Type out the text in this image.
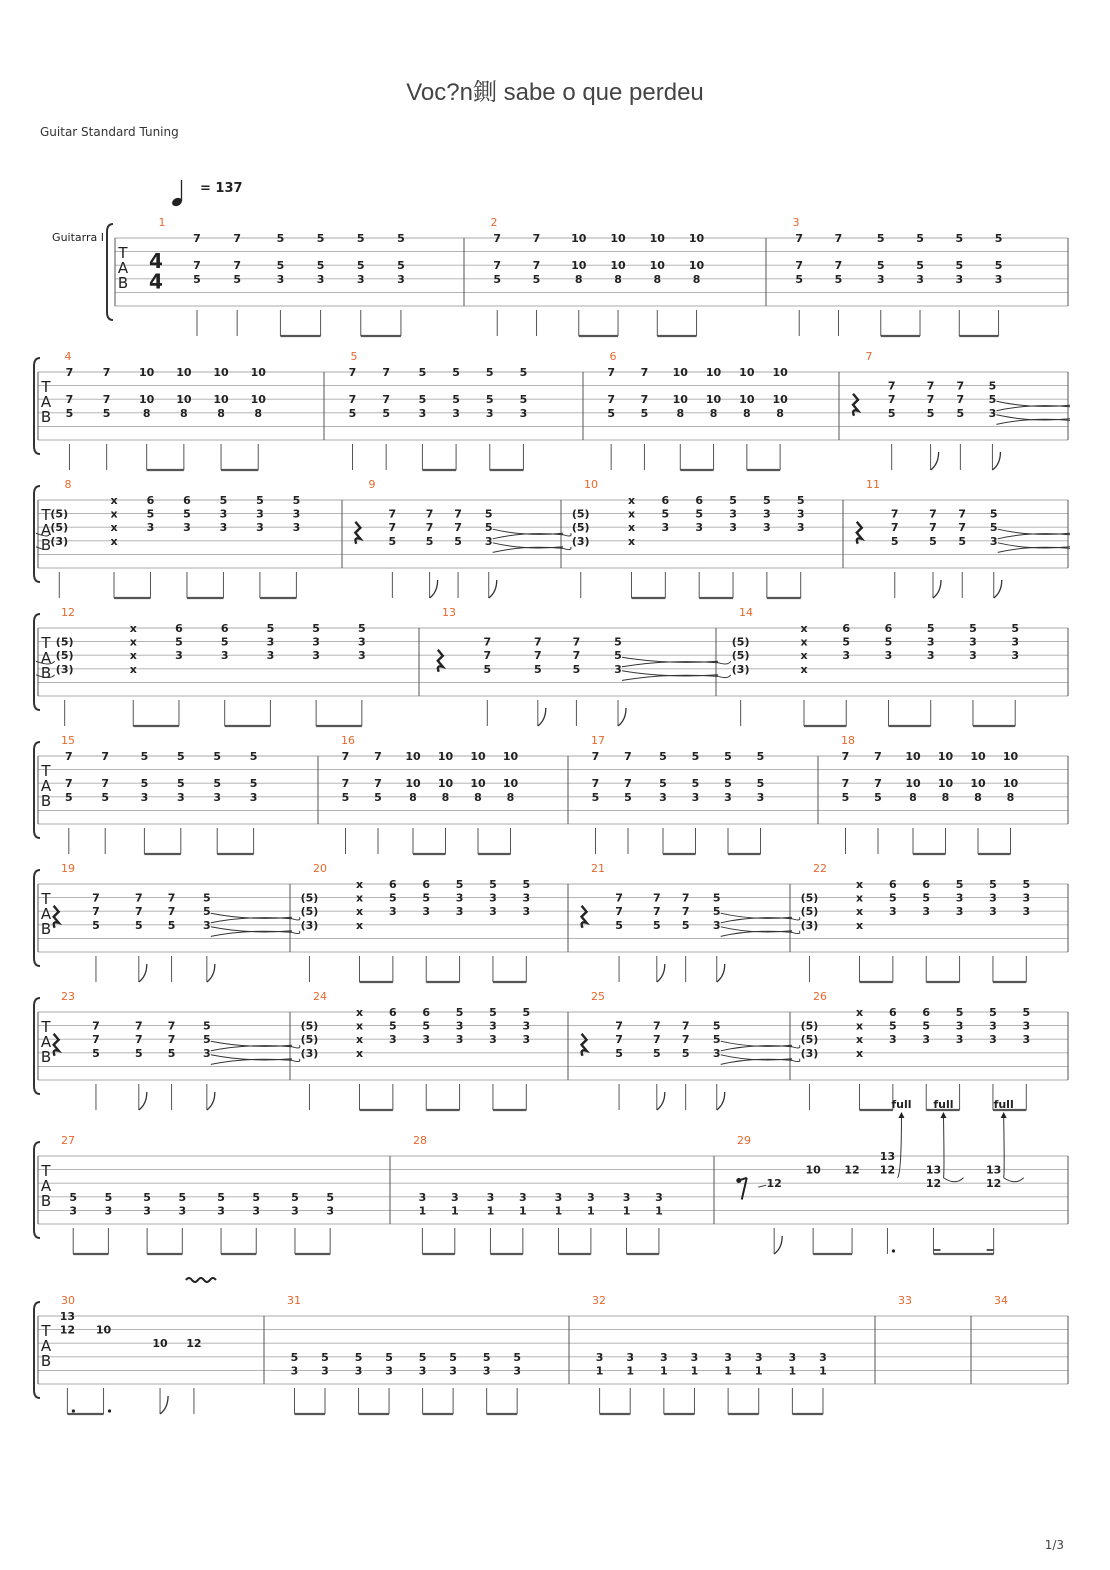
Voc?n鍘 sabe o que perdeu
Guitar Standard Tuning
= 137
T
A
B
Guitarra I
4
4
1
7
7
5
7
7
5
5
5
3
5
5
3
5
5
3
5
5
3
2
7
7
5
7
7
5
10
10
8
10
10
8
10
10
8
10
10
8
3
7
7
5
7
7
5
5
5
3
5
5
3
5
5
3
5
5
3
T
A
B
4
7
7
5
7
7
5
10
10
8
10
10
8
10
10
8
10
10
8
5
7
7
5
7
7
5
5
5
3
5
5
3
5
5
3
5
5
3
6
7
7
5
7
7
5
10
10
8
10
10
8
10
10
8
10
10
8
7
7
7
5
7
7
5
7
7
5
5
5
3
T
A
B
8
(5)
(5)
(3)
x
x
x
x
6
5
3
6
5
3
5
3
3
5
3
3
5
3
3
9
7
7
5
7
7
5
7
7
5
5
5
3
10
(5)
(5)
(3)
x
x
x
x
6
5
3
6
5
3
5
3
3
5
3
3
5
3
3
11
7
7
5
7
7
5
7
7
5
5
5
3
T
A
B
12
(5)
(5)
(3)
x
x
x
x
6
5
3
6
5
3
5
3
3
5
3
3
5
3
3
13
7
7
5
7
7
5
7
7
5
5
5
3
14
(5)
(5)
(3)
x
x
x
x
6
5
3
6
5
3
5
3
3
5
3
3
5
3
3
T
A
B
15
7
7
5
7
7
5
5
5
3
5
5
3
5
5
3
5
5
3
16
7
7
5
7
7
5
10
10
8
10
10
8
10
10
8
10
10
8
17
7
7
5
7
7
5
5
5
3
5
5
3
5
5
3
5
5
3
18
7
7
5
7
7
5
10
10
8
10
10
8
10
10
8
10
10
8
T
A
B
19
7
7
5
7
7
5
7
7
5
5
5
3
20
(5)
(5)
(3)
x
x
x
x
6
5
3
6
5
3
5
3
3
5
3
3
5
3
3
21
7
7
5
7
7
5
7
7
5
5
5
3
22
(5)
(5)
(3)
x
x
x
x
6
5
3
6
5
3
5
3
3
5
3
3
5
3
3
T
A
B
23
7
7
5
7
7
5
7
7
5
5
5
3
24
(5)
(5)
(3)
x
x
x
x
6
5
3
6
5
3
5
3
3
5
3
3
5
3
3
25
7
7
5
7
7
5
7
7
5
5
5
3
26
(5)
(5)
(3)
x
x
x
x
6
5
3
6
5
3
5
3
3
5
3
3
5
3
3
T
A
B
27
5
3
5
3
5
3
5
3
5
3
5
3
5
3
5
3
28
3
1
3
1
3
1
3
1
3
1
3
1
3
1
3
1
29
12
10 12
13
12
full
13
12
full
13
12
full
T
A
B
30
13
12 10
10 12
31
5
3
5
3
5
3
5
3
5
3
5
3
5
3
5
3
32
3
1
3
1
3
1
3
1
3
1
3
1
3
1
3
1
33	34
1/3
